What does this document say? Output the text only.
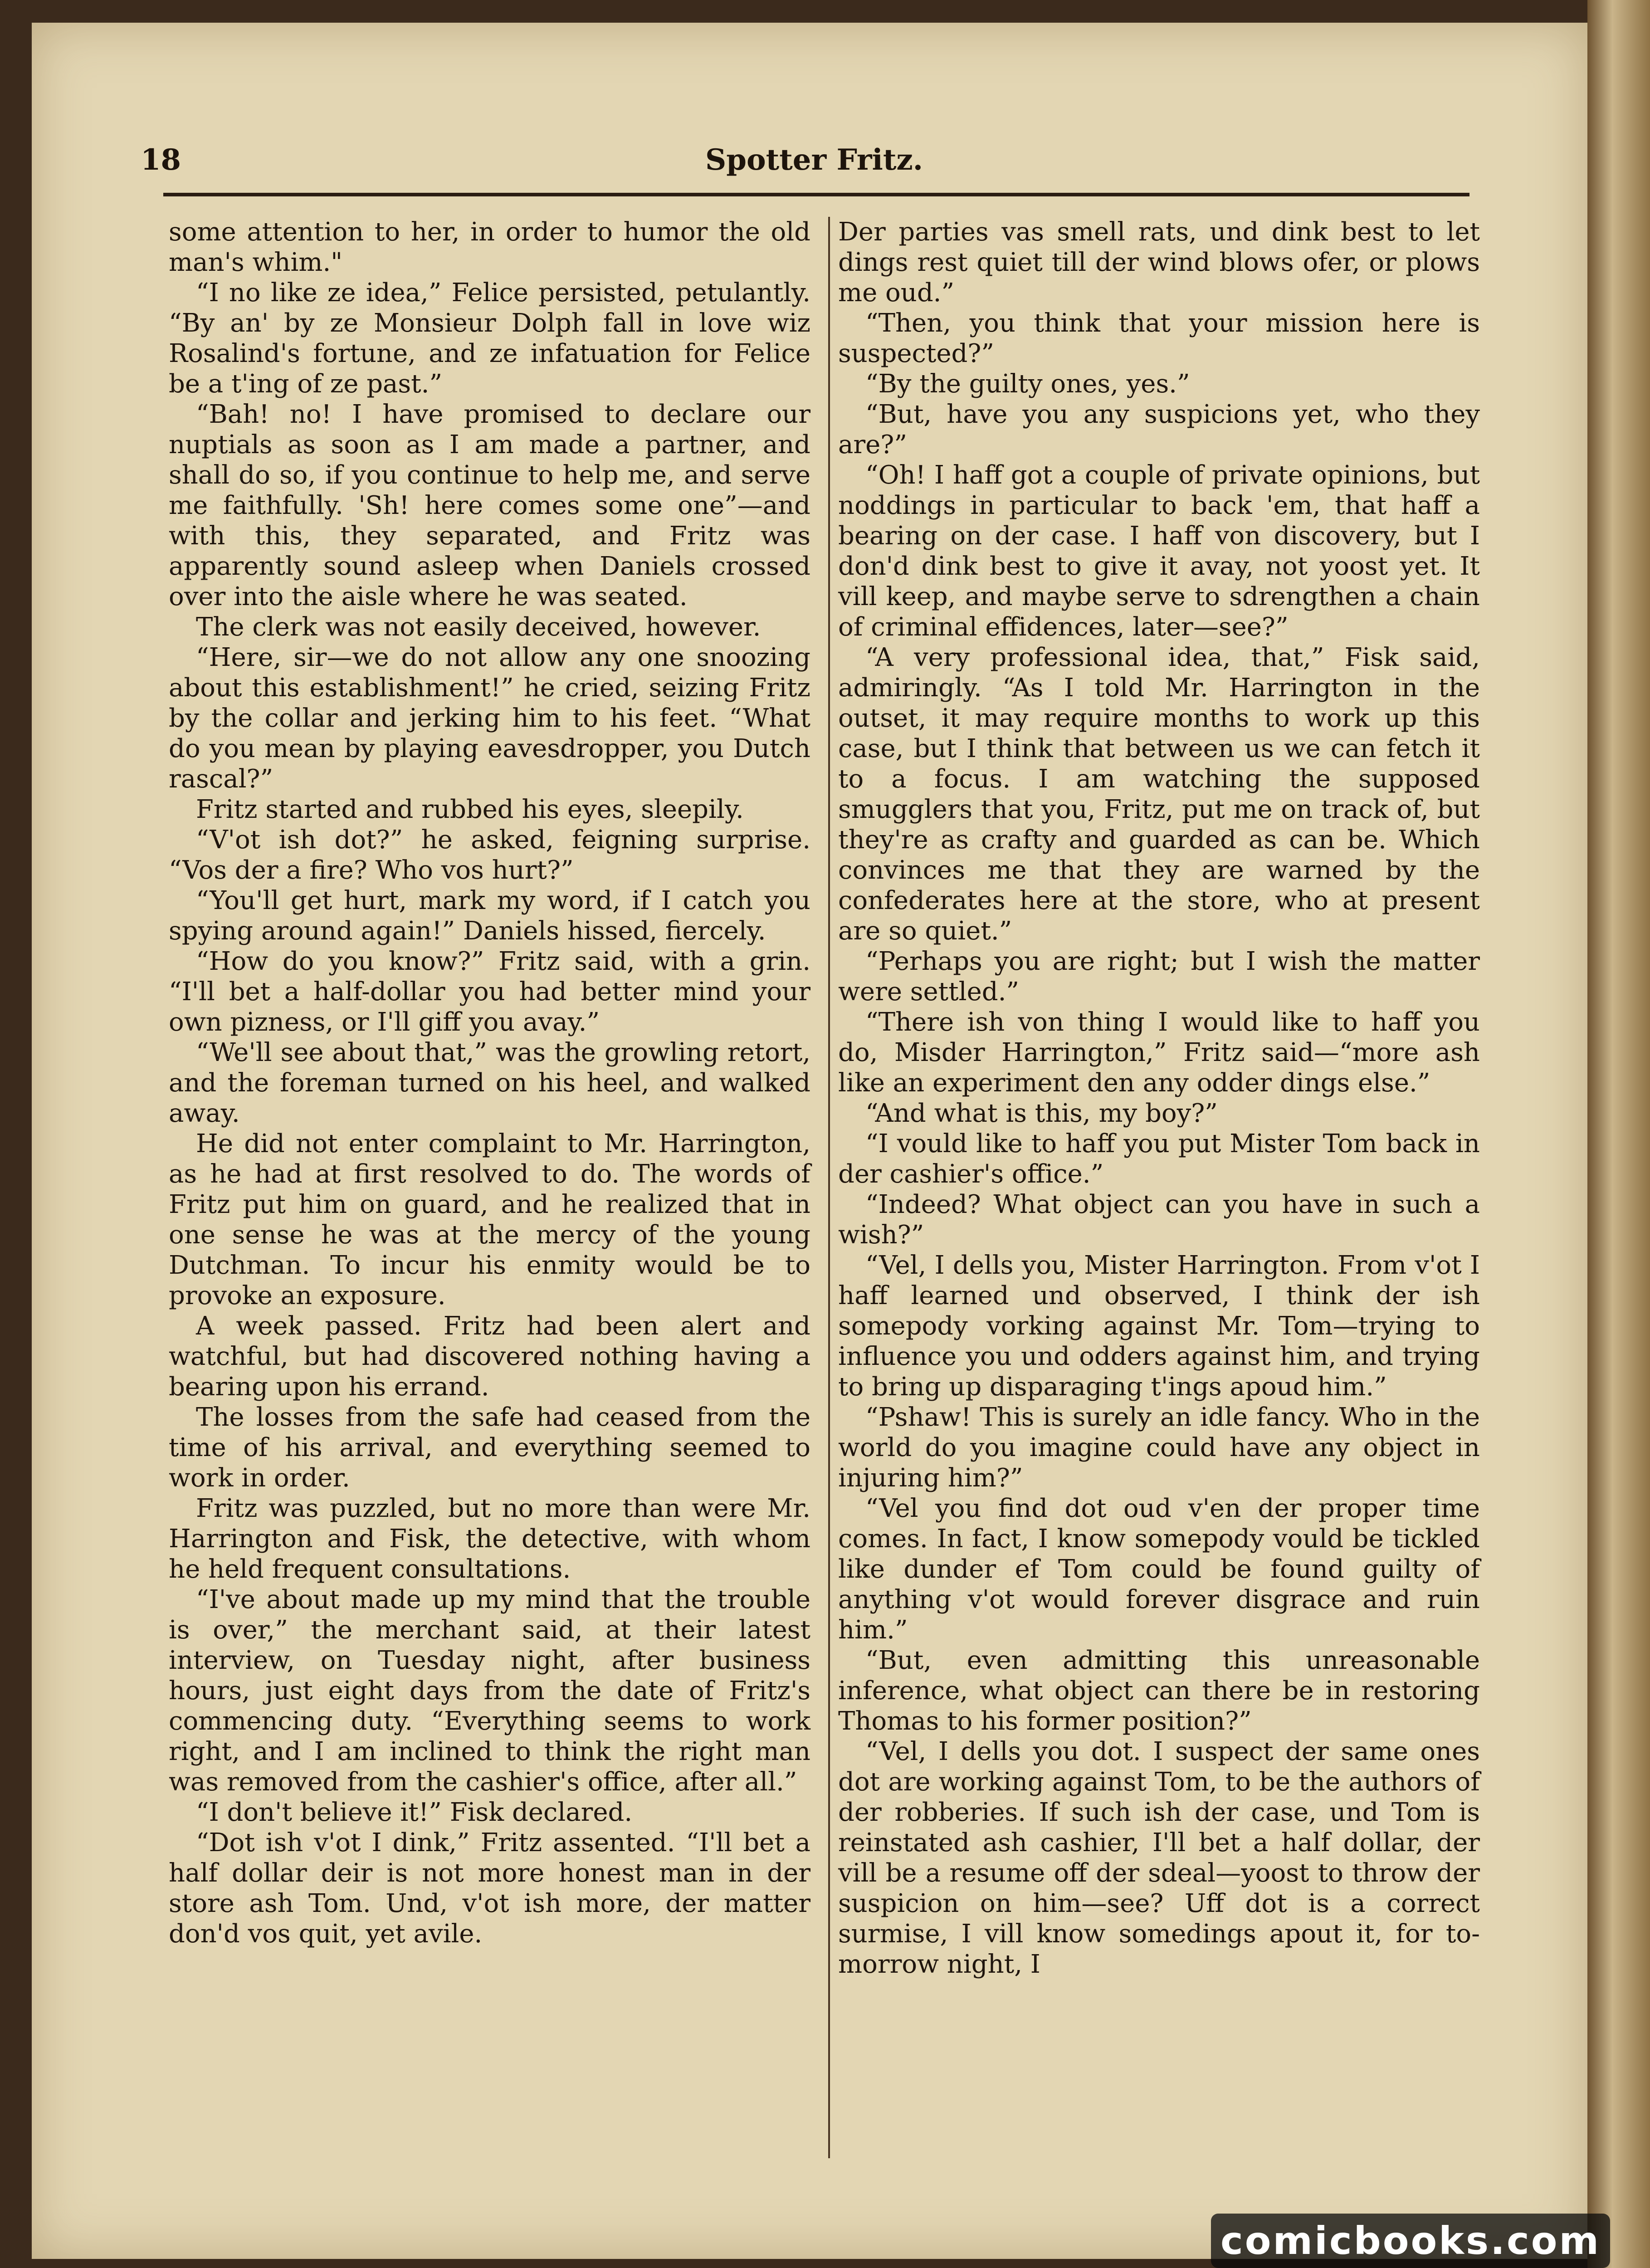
18	Spotter Fritz.

some attention to her, in order to humor the old man's whim."

“I no like ze idea,” Felice persisted, petulantly. “By an' by ze Monsieur Dolph fall in love wiz Rosalind's fortune, and ze infatuation for Felice be a t'ing of ze past.”

“Bah! no! I have promised to declare our nuptials as soon as I am made a partner, and shall do so, if you continue to help me, and serve me faithfully. 'Sh! here comes some one”—and with this, they separated, and Fritz was apparently sound asleep when Daniels crossed over into the aisle where he was seated.

The clerk was not easily deceived, however.

“Here, sir—we do not allow any one snoozing about this establishment!” he cried, seizing Fritz by the collar and jerking him to his feet. “What do you mean by playing eavesdropper, you Dutch rascal?”

Fritz started and rubbed his eyes, sleepily.

“V'ot ish dot?” he asked, feigning surprise. “Vos der a fire? Who vos hurt?”

“You'll get hurt, mark my word, if I catch you spying around again!” Daniels hissed, fiercely.

“How do you know?” Fritz said, with a grin. “I'll bet a half-dollar you had better mind your own pizness, or I'll giff you avay.”

“We'll see about that,” was the growling retort, and the foreman turned on his heel, and walked away.

He did not enter complaint to Mr. Harrington, as he had at first resolved to do. The words of Fritz put him on guard, and he realized that in one sense he was at the mercy of the young Dutchman. To incur his enmity would be to provoke an exposure.

A week passed. Fritz had been alert and watchful, but had discovered nothing having a bearing upon his errand.

The losses from the safe had ceased from the time of his arrival, and everything seemed to work in order.

Fritz was puzzled, but no more than were Mr. Harrington and Fisk, the detective, with whom he held frequent consultations.

“I've about made up my mind that the trouble is over,” the merchant said, at their latest interview, on Tuesday night, after business hours, just eight days from the date of Fritz's commencing duty. “Everything seems to work right, and I am inclined to think the right man was removed from the cashier's office, after all.”

“I don't believe it!” Fisk declared.

“Dot ish v'ot I dink,” Fritz assented. “I'll bet a half dollar deir is not more honest man in der store ash Tom. Und, v'ot ish more, der matter don'd vos quit, yet avile.

Der parties vas smell rats, und dink best to let dings rest quiet till der wind blows ofer, or plows me oud.”

“Then, you think that your mission here is suspected?”

“By the guilty ones, yes.”

“But, have you any suspicions yet, who they are?”

“Oh! I haff got a couple of private opinions, but noddings in particular to back 'em, that haff a bearing on der case. I haff von discovery, but I don'd dink best to give it avay, not yoost yet. It vill keep, and maybe serve to sdrengthen a chain of criminal effidences, later—see?”

“A very professional idea, that,” Fisk said, admiringly. “As I told Mr. Harrington in the outset, it may require months to work up this case, but I think that between us we can fetch it to a focus. I am watching the supposed smugglers that you, Fritz, put me on track of, but they're as crafty and guarded as can be. Which convinces me that they are warned by the confederates here at the store, who at present are so quiet.”

“Perhaps you are right; but I wish the matter were settled.”

“There ish von thing I would like to haff you do, Misder Harrington,” Fritz said—“more ash like an experiment den any odder dings else.”

“And what is this, my boy?”

“I vould like to haff you put Mister Tom back in der cashier's office.”

“Indeed? What object can you have in such a wish?”

“Vel, I dells you, Mister Harrington. From v'ot I haff learned und observed, I think der ish somepody vorking against Mr. Tom—trying to influence you und odders against him, and trying to bring up disparaging t'ings apoud him.”

“Pshaw! This is surely an idle fancy. Who in the world do you imagine could have any object in injuring him?”

“Vel you find dot oud v'en der proper time comes. In fact, I know somepody vould be tickled like dunder ef Tom could be found guilty of anything v'ot would forever disgrace and ruin him.”

“But, even admitting this unreasonable inference, what object can there be in restoring Thomas to his former position?”

“Vel, I dells you dot. I suspect der same ones dot are working against Tom, to be the authors of der robberies. If such ish der case, und Tom is reinstated ash cashier, I'll bet a half dollar, der vill be a resume off der sdeal—yoost to throw der suspicion on him—see? Uff dot is a correct surmise, I vill know somedings apout it, for to-morrow night, I

comicbooks.com
